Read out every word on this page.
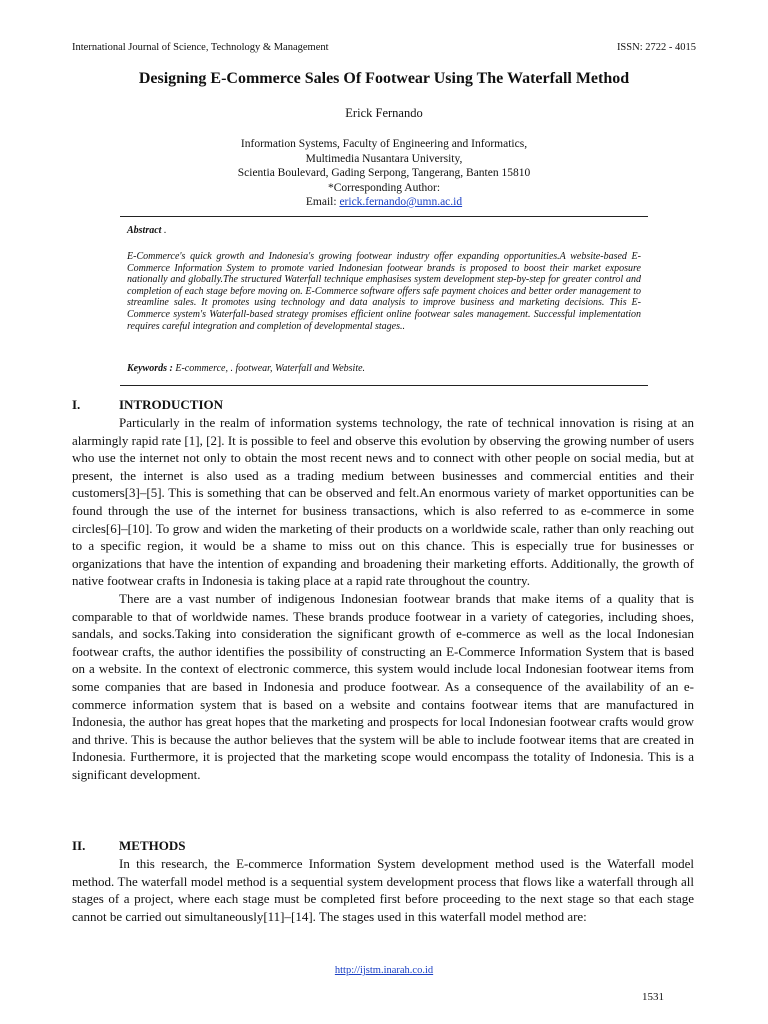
International Journal of Science, Technology & Management	ISSN: 2722 - 4015
Designing E-Commerce Sales Of Footwear Using The Waterfall Method
Erick Fernando
Information Systems, Faculty of Engineering and Informatics,
Multimedia Nusantara University,
Scientia Boulevard, Gading Serpong, Tangerang, Banten 15810
*Corresponding Author:
Email: erick.fernando@umn.ac.id
Abstract .
E-Commerce's quick growth and Indonesia's growing footwear industry offer expanding opportunities.A website-based E-Commerce Information System to promote varied Indonesian footwear brands is proposed to boost their market exposure nationally and globally.The structured Waterfall technique emphasises system development step-by-step for greater control and completion of each stage before moving on. E-Commerce software offers safe payment choices and better order management to streamline sales. It promotes using technology and data analysis to improve business and marketing decisions. This E-Commerce system's Waterfall-based strategy promises efficient online footwear sales management. Successful implementation requires careful integration and completion of developmental stages..
Keywords : E-commerce, . footwear, Waterfall and Website.
I.	INTRODUCTION

Particularly in the realm of information systems technology, the rate of technical innovation is rising at an alarmingly rapid rate [1], [2]. It is possible to feel and observe this evolution by observing the growing number of users who use the internet not only to obtain the most recent news and to connect with other people on social media, but at present, the internet is also used as a trading medium between businesses and commercial entities and their customers[3]–[5]. This is something that can be observed and felt.An enormous variety of market opportunities can be found through the use of the internet for business transactions, which is also referred to as e-commerce in some circles[6]–[10]. To grow and widen the marketing of their products on a worldwide scale, rather than only reaching out to a specific region, it would be a shame to miss out on this chance. This is especially true for businesses or organizations that have the intention of expanding and broadening their marketing efforts. Additionally, the growth of native footwear crafts in Indonesia is taking place at a rapid rate throughout the country.

There are a vast number of indigenous Indonesian footwear brands that make items of a quality that is comparable to that of worldwide names. These brands produce footwear in a variety of categories, including shoes, sandals, and socks.Taking into consideration the significant growth of e-commerce as well as the local Indonesian footwear crafts, the author identifies the possibility of constructing an E-Commerce Information System that is based on a website. In the context of electronic commerce, this system would include local Indonesian footwear items from some companies that are based in Indonesia and produce footwear. As a consequence of the availability of an e-commerce information system that is based on a website and contains footwear items that are manufactured in Indonesia, the author has great hopes that the marketing and prospects for local Indonesian footwear crafts would grow and thrive. This is because the author believes that the system will be able to include footwear items that are created in Indonesia. Furthermore, it is projected that the marketing scope would encompass the totality of Indonesia. This is a significant development.

II.	METHODS

In this research, the E-commerce Information System development method used is the Waterfall model method. The waterfall model method is a sequential system development process that flows like a waterfall through all stages of a project, where each stage must be completed first before proceeding to the next stage so that each stage cannot be carried out simultaneously[11]–[14]. The stages used in this waterfall model method are:

http://ijstm.inarah.co.id
1531
